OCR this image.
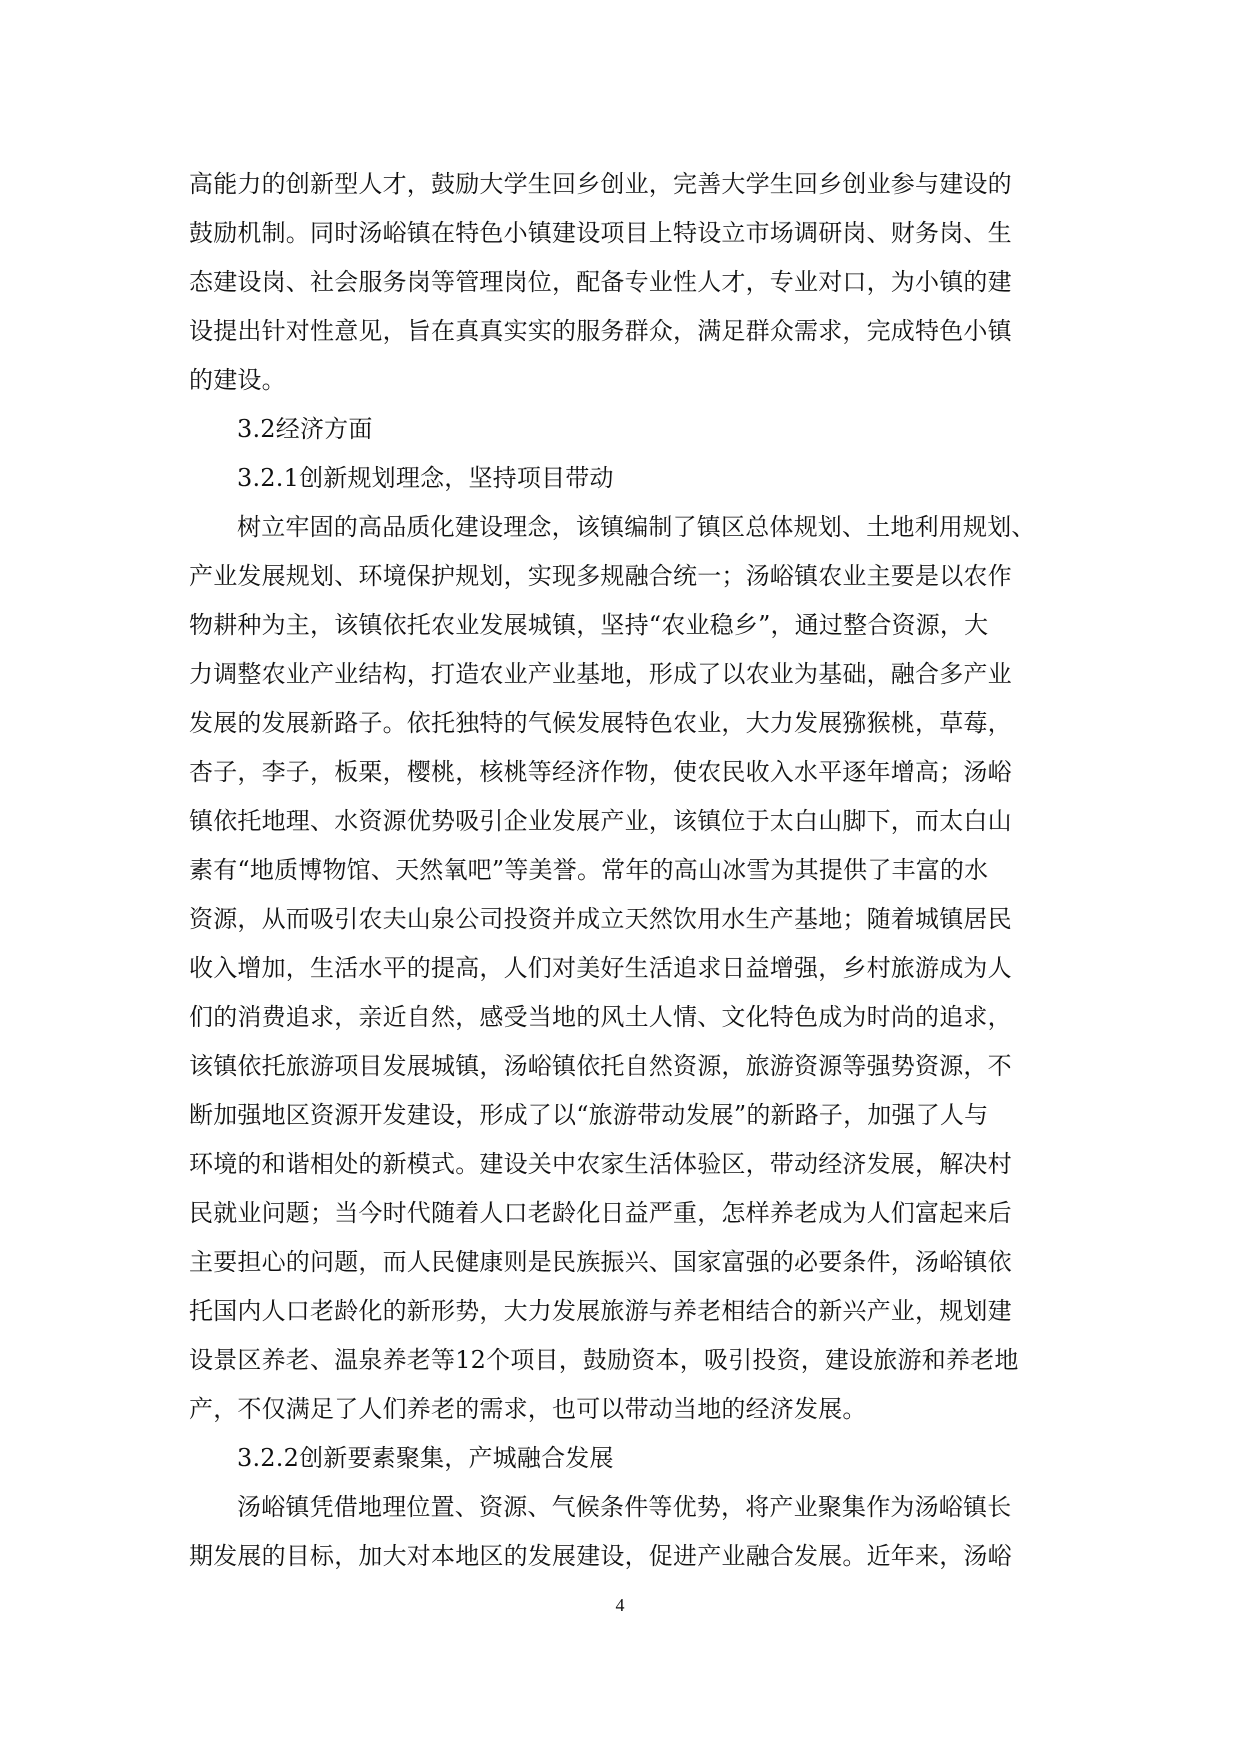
高能力的创新型人才，鼓励大学生回乡创业，完善大学生回乡创业参与建设的
鼓励机制。同时汤峪镇在特色小镇建设项目上特设立市场调研岗、财务岗、生
态建设岗、社会服务岗等管理岗位，配备专业性人才，专业对口，为小镇的建
设提出针对性意见，旨在真真实实的服务群众，满足群众需求，完成特色小镇
的建设。
3.2经济方面
3.2.1创新规划理念，坚持项目带动
树立牢固的高品质化建设理念，该镇编制了镇区总体规划、土地利用规划、
产业发展规划、环境保护规划，实现多规融合统一；汤峪镇农业主要是以农作
物耕种为主，该镇依托农业发展城镇，坚持“农业稳乡”，通过整合资源，大
力调整农业产业结构，打造农业产业基地，形成了以农业为基础，融合多产业
发展的发展新路子。依托独特的气候发展特色农业，大力发展猕猴桃，草莓，
杏子，李子，板栗，樱桃，核桃等经济作物，使农民收入水平逐年增高；汤峪
镇依托地理、水资源优势吸引企业发展产业，该镇位于太白山脚下，而太白山
素有“地质博物馆、天然氧吧”等美誉。常年的高山冰雪为其提供了丰富的水
资源，从而吸引农夫山泉公司投资并成立天然饮用水生产基地；随着城镇居民
收入增加，生活水平的提高，人们对美好生活追求日益增强，乡村旅游成为人
们的消费追求，亲近自然，感受当地的风土人情、文化特色成为时尚的追求，
该镇依托旅游项目发展城镇，汤峪镇依托自然资源，旅游资源等强势资源，不
断加强地区资源开发建设，形成了以“旅游带动发展”的新路子，加强了人与
环境的和谐相处的新模式。建设关中农家生活体验区，带动经济发展，解决村
民就业问题；当今时代随着人口老龄化日益严重，怎样养老成为人们富起来后
主要担心的问题，而人民健康则是民族振兴、国家富强的必要条件，汤峪镇依
托国内人口老龄化的新形势，大力发展旅游与养老相结合的新兴产业，规划建
设景区养老、温泉养老等12个项目，鼓励资本，吸引投资，建设旅游和养老地
产，不仅满足了人们养老的需求，也可以带动当地的经济发展。
3.2.2创新要素聚集，产城融合发展
汤峪镇凭借地理位置、资源、气候条件等优势，将产业聚集作为汤峪镇长
期发展的目标，加大对本地区的发展建设，促进产业融合发展。近年来，汤峪
4
